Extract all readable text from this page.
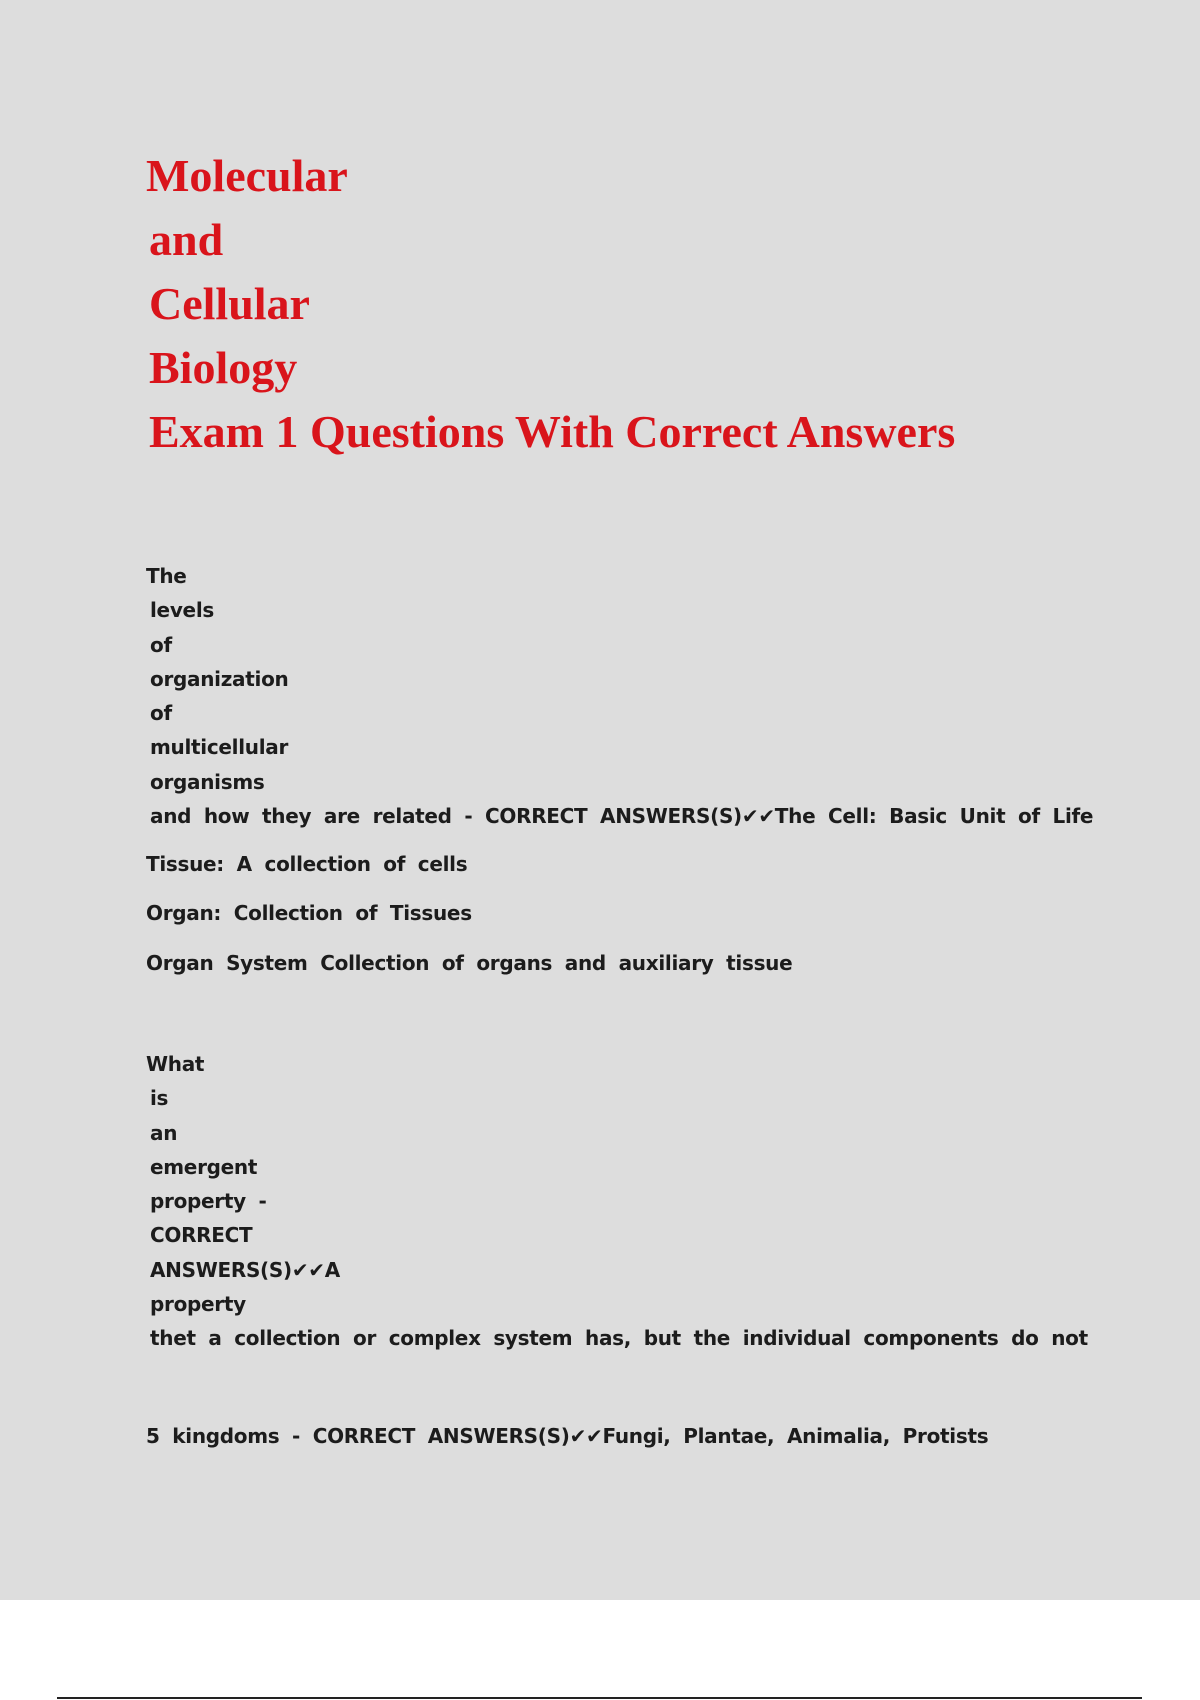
Molecular
and
Cellular
Biology
Exam 1 Questions With Correct Answers
The
levels
of
organization
of
multicellular
organisms
and how they are related - CORRECT ANSWERS(S)✔✔The Cell: Basic Unit of Life
Tissue: A collection of cells
Organ: Collection of Tissues
Organ System Collection of organs and auxiliary tissue
What
is
an
emergent
property -
CORRECT
ANSWERS(S)✔✔A
property
thet a collection or complex system has, but the individual components do not
5 kingdoms - CORRECT ANSWERS(S)✔✔Fungi, Plantae, Animalia, Protists
